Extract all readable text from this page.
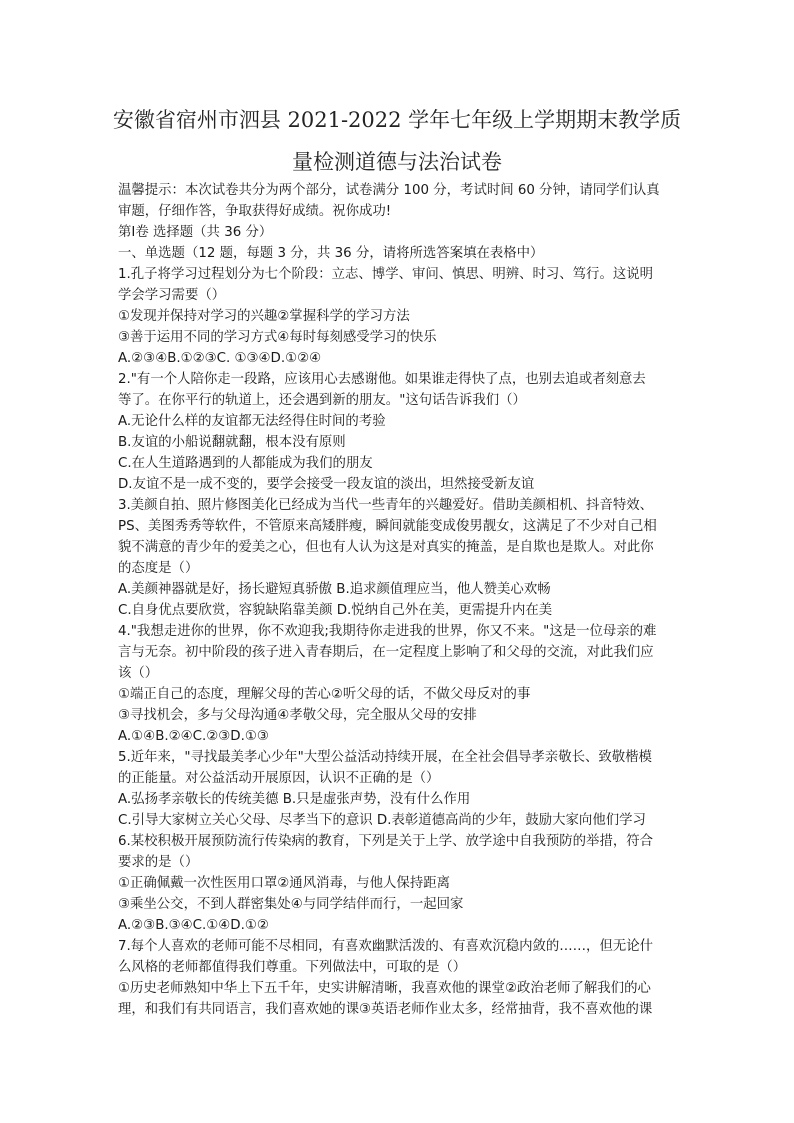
安徽省宿州市泗县 2021-2022 学年七年级上学期期末教学质
量检测道德与法治试卷
温馨提示：本次试卷共分为两个部分，试卷满分 100 分，考试时间 60 分钟，请同学们认真
审题，仔细作答，争取获得好成绩。祝你成功!
第Ⅰ卷 选择题（共 36 分）
一、单选题（12 题，每题 3 分，共 36 分，请将所选答案填在表格中）
1.孔子将学习过程划分为七个阶段：立志、博学、审问、慎思、明辨、时习、笃行。这说明
学会学习需要（）
①发现并保持对学习的兴趣②掌握科学的学习方法
③善于运用不同的学习方式④每时每刻感受学习的快乐
A.②③④B.①②③C. ①③④D.①②④
2."有一个人陪你走一段路，应该用心去感谢他。如果谁走得快了点，也别去追或者刻意去
等了。在你平行的轨道上，还会遇到新的朋友。"这句话告诉我们（）
A.无论什么样的友谊都无法经得住时间的考验
B.友谊的小船说翻就翻，根本没有原则
C.在人生道路遇到的人都能成为我们的朋友
D.友谊不是一成不变的，要学会接受一段友谊的淡出，坦然接受新友谊
3.美颜自拍、照片修图美化已经成为当代一些青年的兴趣爱好。借助美颜相机、抖音特效、
PS、美图秀秀等软件，不管原来高矮胖瘦，瞬间就能变成俊男靓女，这满足了不少对自己相
貌不满意的青少年的爱美之心，但也有人认为这是对真实的掩盖，是自欺也是欺人。对此你
的态度是（）
A.美颜神器就是好，扬长避短真骄傲 B.追求颜值理应当，他人赞美心欢畅
C.自身优点要欣赏，容貌缺陷靠美颜 D.悦纳自己外在美，更需提升内在美
4."我想走进你的世界，你不欢迎我;我期待你走进我的世界，你又不来。"这是一位母亲的难
言与无奈。初中阶段的孩子进入青春期后，在一定程度上影响了和父母的交流，对此我们应
该（）
①端正自己的态度，理解父母的苦心②听父母的话，不做父母反对的事
③寻找机会，多与父母沟通④孝敬父母，完全服从父母的安排
A.①④B.②④C.②③D.①③
5.近年来，"寻找最美孝心少年"大型公益活动持续开展，在全社会倡导孝亲敬长、致敬楷模
的正能量。对公益活动开展原因，认识不正确的是（）
A.弘扬孝亲敬长的传统美德 B.只是虚张声势，没有什么作用
C.引导大家树立关心父母、尽孝当下的意识 D.表彰道德高尚的少年，鼓励大家向他们学习
6.某校积极开展预防流行传染病的教育，下列是关于上学、放学途中自我预防的举措，符合
要求的是（）
①正确佩戴一次性医用口罩②通风消毒，与他人保持距离
③乘坐公交，不到人群密集处④与同学结伴而行，一起回家
A.②③B.③④C.①④D.①②
7.每个人喜欢的老师可能不尽相同，有喜欢幽默活泼的、有喜欢沉稳内敛的……，但无论什
么风格的老师都值得我们尊重。下列做法中，可取的是（）
①历史老师熟知中华上下五千年，史实讲解清晰，我喜欢他的课堂②政治老师了解我们的心
理，和我们有共同语言，我们喜欢她的课③英语老师作业太多，经常抽背，我不喜欢他的课
